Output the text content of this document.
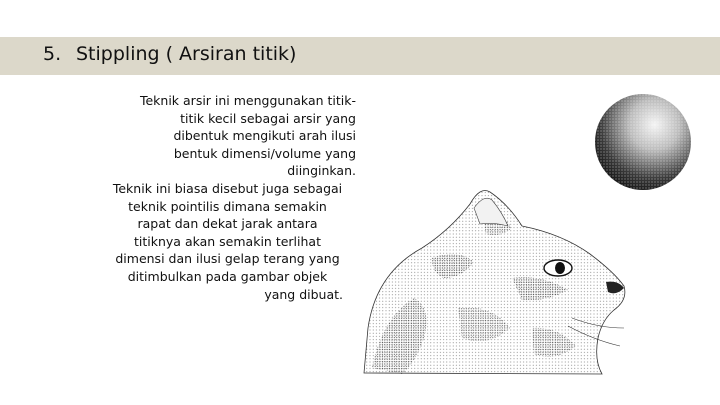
5. Stippling ( Arsiran titik)

Teknik arsir ini menggunakan titik-
titik kecil sebagai arsir yang
dibentuk mengikuti arah ilusi
bentuk dimensi/volume yang

diinginkan.

Teknik ini biasa disebut juga sebagai
teknik pointilis dimana semakin
rapat dan dekat jarak antara
titiknya akan semakin terlihat
dimensi dan ilusi gelap terang yang
ditimbulkan pada gambar objek
yang dibuat.
